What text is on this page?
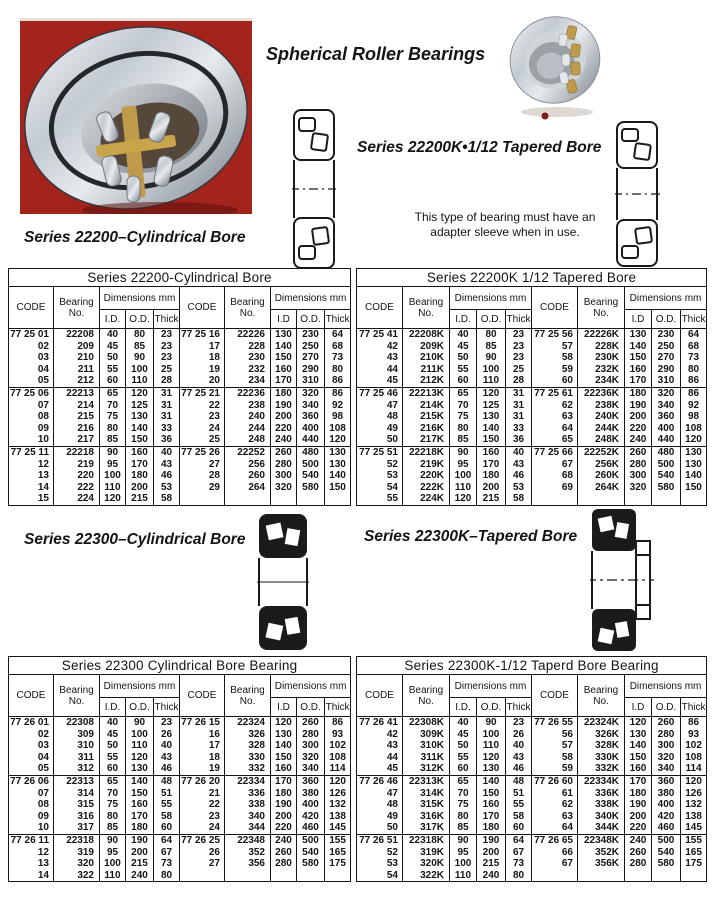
Spherical Roller Bearings
Series 22200K•1/12 Tapered Bore
This type of bearing must have an
adapter sleeve when in use.
Series 22200–Cylindrical Bore
Series 22200-Cylindrical Bore									
CODE	Bearing No.	Dimensions mm			CODE	Bearing No.	Dimensions mm		
		I.D.	O.D.	Thick			I.D	O.D.	Thick
77 25 01	22208	40	80	23	77 25 16	22226	130	230	64
02	209	45	85	23	17	228	140	250	68
03	210	50	90	23	18	230	150	270	73
04	211	55	100	25	19	232	160	290	80
05	212	60	110	28	20	234	170	310	86
77 25 06	22213	65	120	31	77 25 21	22236	180	320	86
07	214	70	125	31	22	238	190	340	92
08	215	75	130	31	23	240	200	360	98
09	216	80	140	33	24	244	220	400	108
10	217	85	150	36	25	248	240	440	120
77 25 11	22218	90	160	40	77 25 26	22252	260	480	130
12	219	95	170	43	27	256	280	500	130
13	220	100	180	46	28	260	300	540	140
14	222	110	200	53	29	264	320	580	150
15	224	120	215	58					
Series 22200K 1/12 Tapered Bore									
CODE	Bearing No.	Dimensions mm			CODE	Bearing No.	Dimensions mm		
		I.D.	O.D.	Thick			I.D	O.D.	Thick
77 25 41	22208K	40	80	23	77 25 56	22226K	130	230	64
42	209K	45	85	23	57	228K	140	250	68
43	210K	50	90	23	58	230K	150	270	73
44	211K	55	100	25	59	232K	160	290	80
45	212K	60	110	28	60	234K	170	310	86
77 25 46	22213K	65	120	31	77 25 61	22236K	180	320	86
47	214K	70	125	31	62	238K	190	340	92
48	215K	75	130	31	63	240K	200	360	98
49	216K	80	140	33	64	244K	220	400	108
50	217K	85	150	36	65	248K	240	440	120
77 25 51	22218K	90	160	40	77 25 66	22252K	260	480	130
52	219K	95	170	43	67	256K	280	500	130
53	220K	100	180	46	68	260K	300	540	140
54	222K	110	200	53	69	264K	320	580	150
55	224K	120	215	58					
Series 22300–Cylindrical Bore	Series 22300K–Tapered Bore
Series 22300 Cylindrical Bore Bearing									
CODE	Bearing No.	Dimensions mm			CODE	Bearing No.	Dimensions mm		
		I.D.	O.D.	Thick			I.D	O.D.	Thick
77 26 01	22308	40	90	23	77 26 15	22324	120	260	86
02	309	45	100	26	16	326	130	280	93
03	310	50	110	40	17	328	140	300	102
04	311	55	120	43	18	330	150	320	108
05	312	60	130	46	19	332	160	340	114
77 26 06	22313	65	140	48	77 26 20	22334	170	360	120
07	314	70	150	51	21	336	180	380	126
08	315	75	160	55	22	338	190	400	132
09	316	80	170	58	23	340	200	420	138
10	317	85	180	60	24	344	220	460	145
77 26 11	22318	90	190	64	77 26 25	22348	240	500	155
12	319	95	200	67	26	352	260	540	165
13	320	100	215	73	27	356	280	580	175
14	322	110	240	80					
Series 22300K-1/12 Taperd Bore Bearing									
CODE	Bearing No.	Dimensions mm			CODE	Bearing No.	Dimensions mm		
		I.D.	O.D.	Thick			I.D	O.D.	Thick
77 26 41	22308K	40	90	23	77 26 55	22324K	120	260	86
42	309K	45	100	26	56	326K	130	280	93
43	310K	50	110	40	57	328K	140	300	102
44	311K	55	120	43	58	330K	150	320	108
45	312K	60	130	46	59	332K	160	340	114
77 26 46	22313K	65	140	48	77 26 60	22334K	170	360	120
47	314K	70	150	51	61	336K	180	380	126
48	315K	75	160	55	62	338K	190	400	132
49	316K	80	170	58	63	340K	200	420	138
50	317K	85	180	60	64	344K	220	460	145
77 26 51	22318K	90	190	64	77 26 65	22348K	240	500	155
52	319K	95	200	67	66	352K	260	540	165
53	320K	100	215	73	67	356K	280	580	175
54	322K	110	240	80					
